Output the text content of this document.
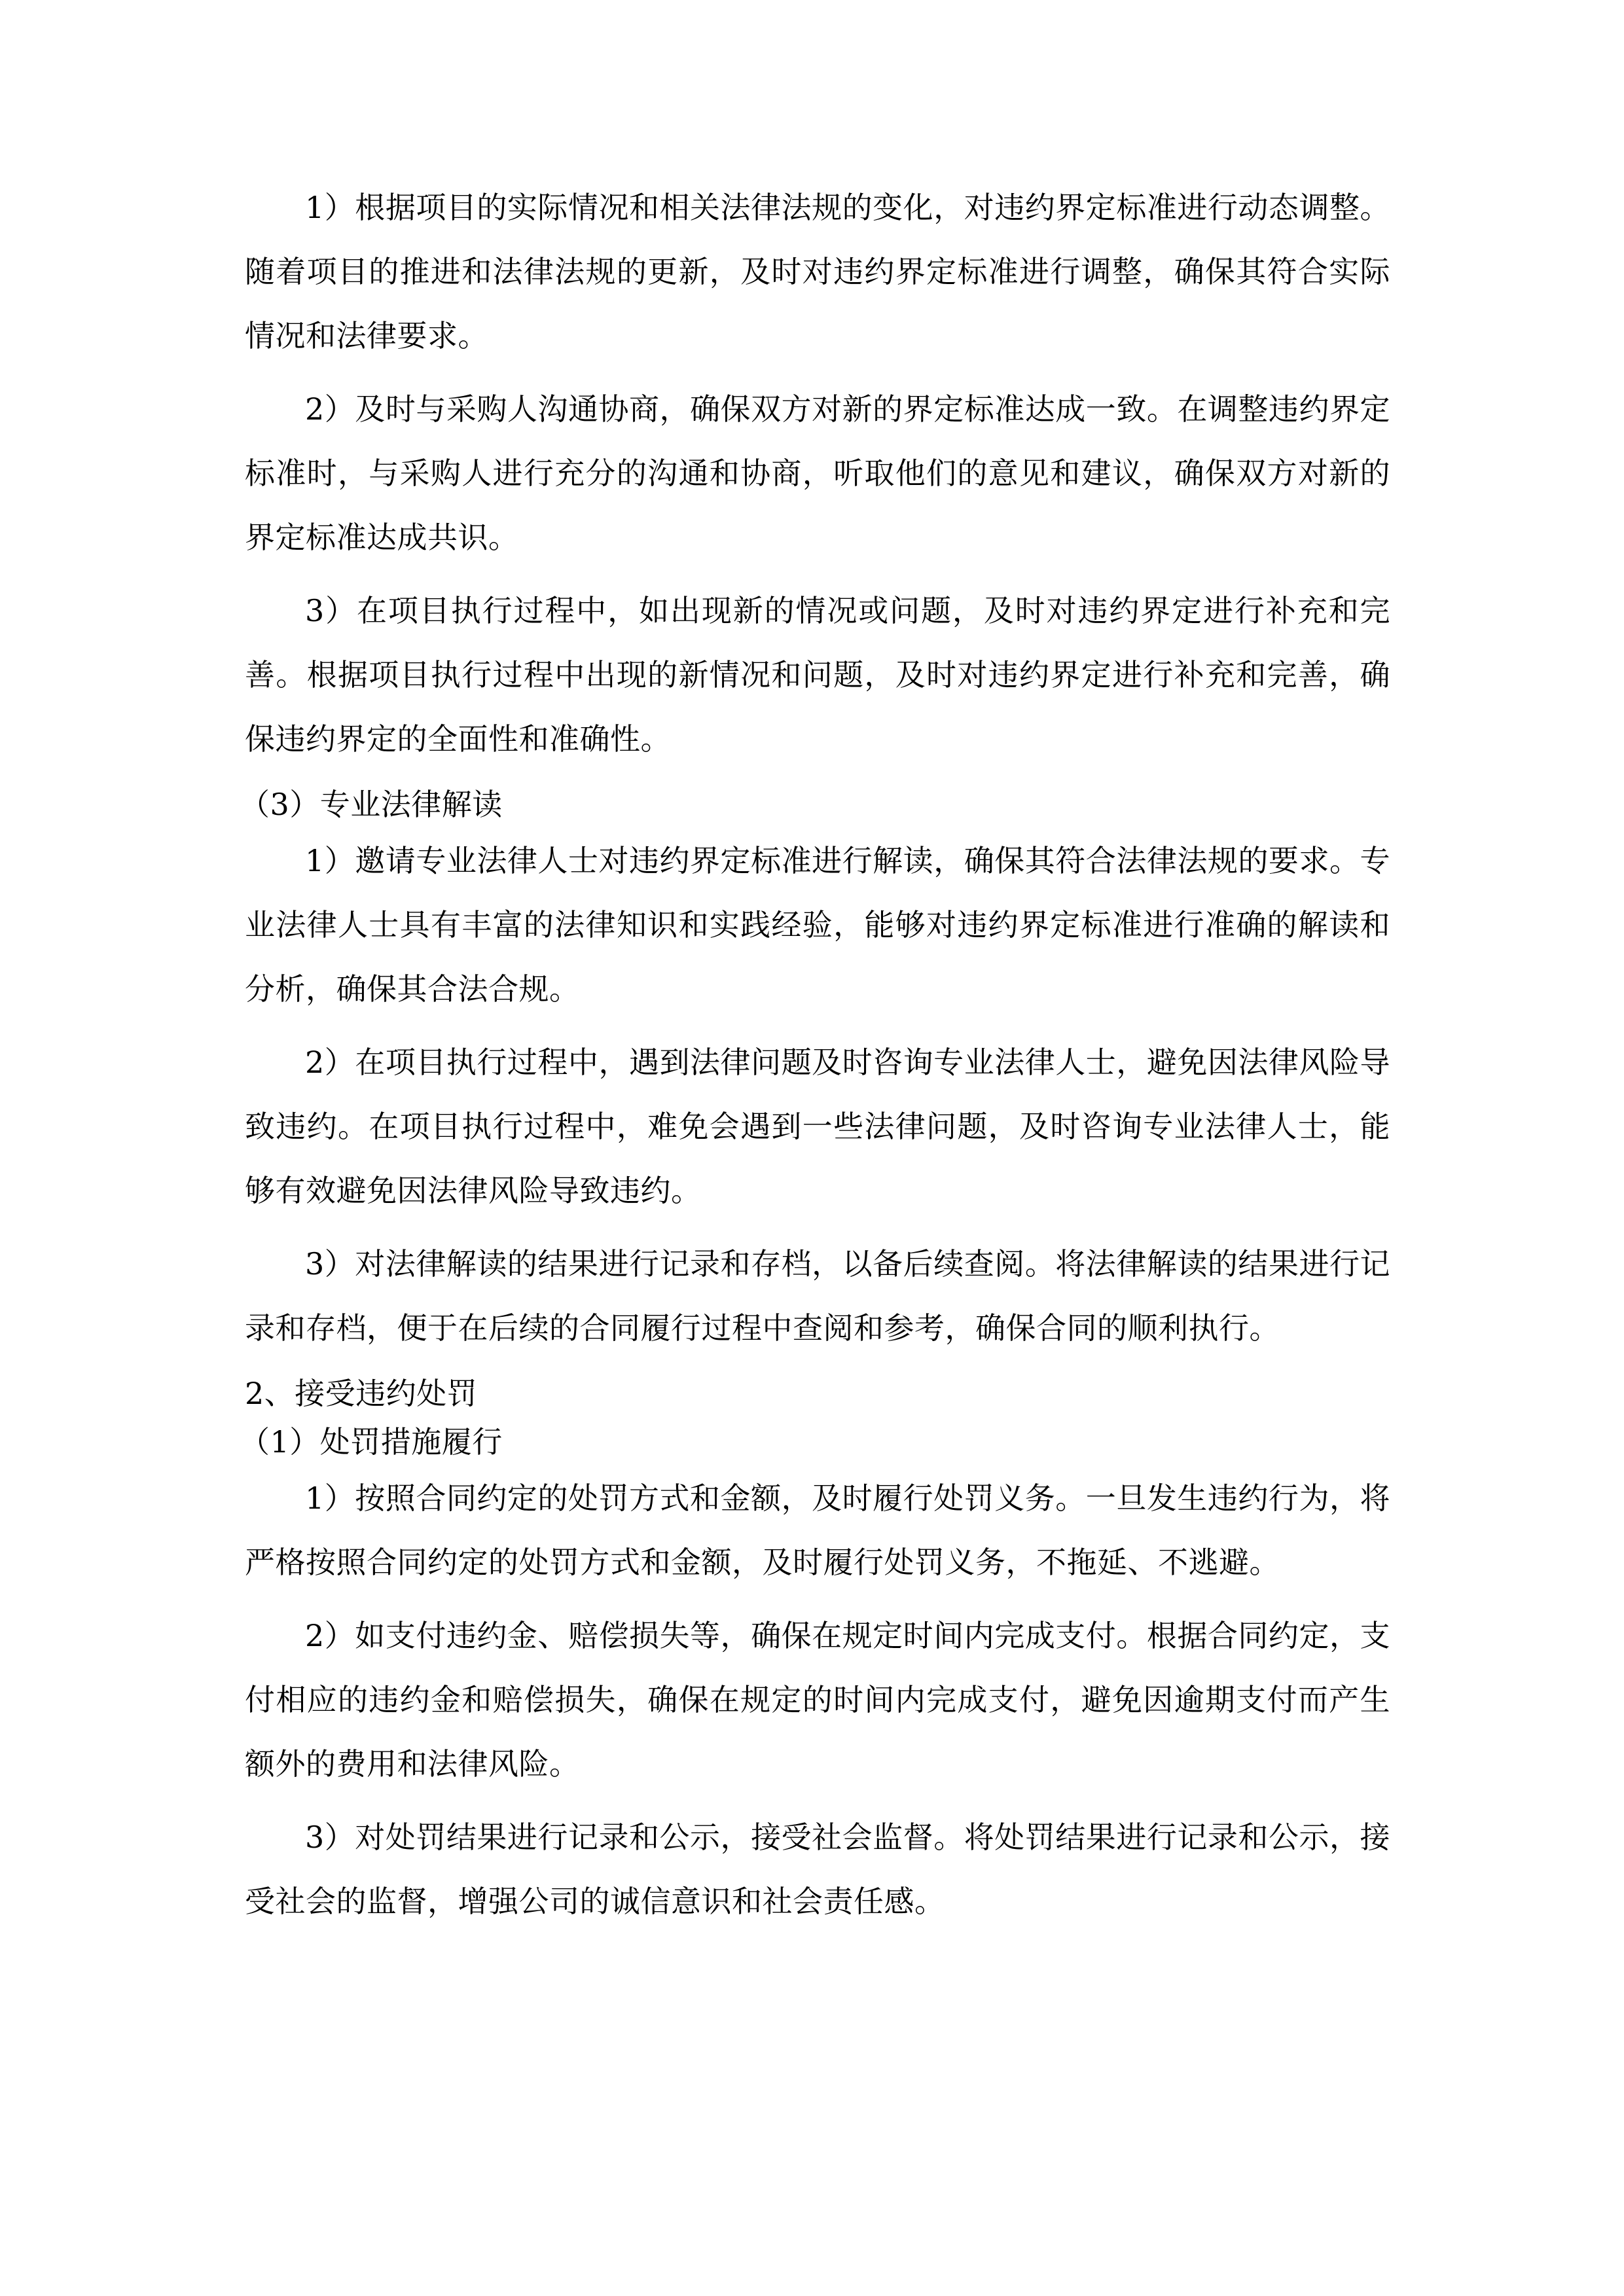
1）根据项目的实际情况和相关法律法规的变化，对违约界定标准进行动态调整。随着项目的推进和法律法规的更新，及时对违约界定标准进行调整，确保其符合实际情况和法律要求。

2）及时与采购人沟通协商，确保双方对新的界定标准达成一致。在调整违约界定标准时，与采购人进行充分的沟通和协商，听取他们的意见和建议，确保双方对新的界定标准达成共识。

3）在项目执行过程中，如出现新的情况或问题，及时对违约界定进行补充和完善。根据项目执行过程中出现的新情况和问题，及时对违约界定进行补充和完善，确保违约界定的全面性和准确性。

（3）专业法律解读

1）邀请专业法律人士对违约界定标准进行解读，确保其符合法律法规的要求。专业法律人士具有丰富的法律知识和实践经验，能够对违约界定标准进行准确的解读和分析，确保其合法合规。

2）在项目执行过程中，遇到法律问题及时咨询专业法律人士，避免因法律风险导致违约。在项目执行过程中，难免会遇到一些法律问题，及时咨询专业法律人士，能够有效避免因法律风险导致违约。

3）对法律解读的结果进行记录和存档，以备后续查阅。将法律解读的结果进行记录和存档，便于在后续的合同履行过程中查阅和参考，确保合同的顺利执行。

2、接受违约处罚

（1）处罚措施履行

1）按照合同约定的处罚方式和金额，及时履行处罚义务。一旦发生违约行为，将严格按照合同约定的处罚方式和金额，及时履行处罚义务，不拖延、不逃避。

2）如支付违约金、赔偿损失等，确保在规定时间内完成支付。根据合同约定，支付相应的违约金和赔偿损失，确保在规定的时间内完成支付，避免因逾期支付而产生额外的费用和法律风险。

3）对处罚结果进行记录和公示，接受社会监督。将处罚结果进行记录和公示，接受社会的监督，增强公司的诚信意识和社会责任感。
